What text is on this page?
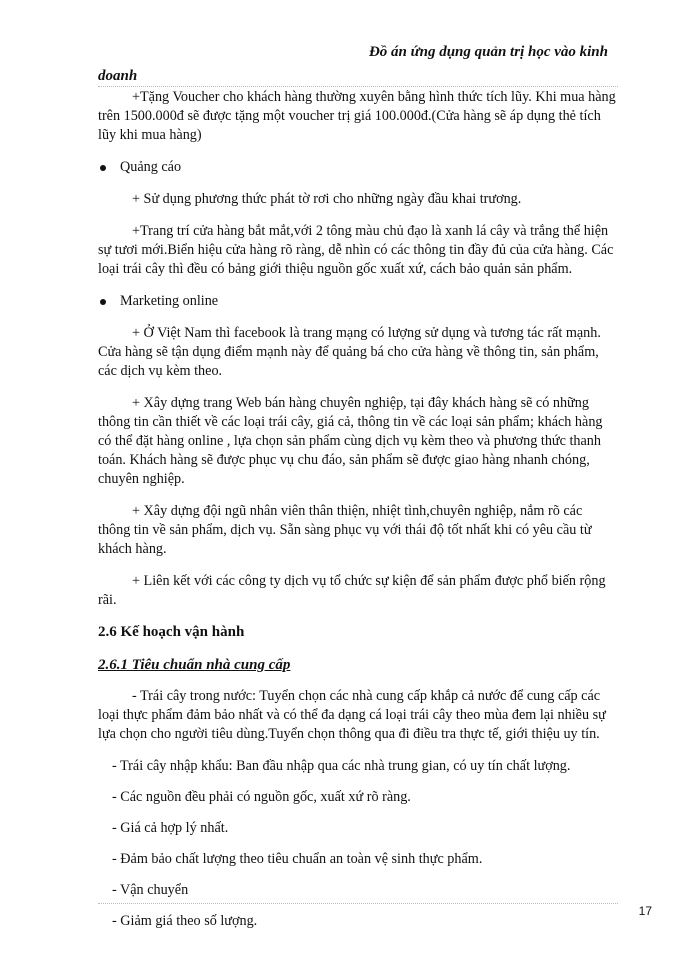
Đồ án ứng dụng quản trị học vào kinh
doanh

+Tặng Voucher cho khách hàng thường xuyên bằng hình thức tích lũy. Khi mua hàng trên 1500.000đ sẽ được tặng một voucher trị giá 100.000đ.(Cửa hàng sẽ áp dụng thẻ tích lũy khi mua hàng)

Quảng cáo

+ Sử dụng phương thức phát tờ rơi cho những ngày đầu khai trương.

+Trang trí cửa hàng bắt mắt,với 2 tông màu chủ đạo là xanh lá cây và trắng thể hiện sự tươi mới.Biển hiệu cửa hàng rõ ràng, dễ nhìn có các thông tin đầy đủ của cửa hàng. Các loại trái cây thì đều có bảng giới thiệu nguồn gốc xuất xứ, cách bảo quản sản phẩm.

Marketing online

+ Ở Việt Nam thì facebook là trang mạng có lượng sử dụng và tương tác rất mạnh. Cửa hàng sẽ tận dụng điểm mạnh này để quảng bá cho cửa hàng về thông tin, sản phẩm, các dịch vụ kèm theo.

+ Xây dựng trang Web bán hàng chuyên nghiệp, tại đây khách hàng sẽ có những thông tin cần thiết về các loại trái cây, giá cả, thông tin về các loại sản phẩm; khách hàng có thể đặt hàng online , lựa chọn sản phẩm cùng dịch vụ kèm theo và phương thức thanh toán. Khách hàng sẽ được phục vụ chu đáo, sản phẩm sẽ được giao hàng nhanh chóng, chuyên nghiệp.

+ Xây dựng đội ngũ nhân viên thân thiện, nhiệt tình,chuyên nghiệp, nắm rõ các thông tin về sản phẩm, dịch vụ. Sẵn sàng phục vụ với thái độ tốt nhất khi có yêu cầu từ khách hàng.

+ Liên kết với các công ty dịch vụ tổ chức sự kiện để sản phẩm được phổ biến rộng rãi.

2.6 Kế hoạch vận hành

2.6.1 Tiêu chuẩn nhà cung cấp

- Trái cây trong nước: Tuyển chọn các nhà cung cấp khắp cả nước để cung cấp các loại thực phẩm đảm bảo nhất và có thể đa dạng cá loại trái cây theo mùa đem lại nhiều sự lựa chọn cho người tiêu dùng.Tuyển chọn thông qua đi điều tra thực tế, giới thiệu uy tín.

- Trái cây nhập khẩu: Ban đầu nhập qua các nhà trung gian, có uy tín chất lượng.

- Các nguồn đều phải có nguồn gốc, xuất xứ rõ ràng.

- Giá cả hợp lý nhất.

- Đảm bảo chất lượng theo tiêu chuẩn an toàn vệ sinh thực phẩm.

- Vận chuyển

- Giảm giá theo số lượng.

17
